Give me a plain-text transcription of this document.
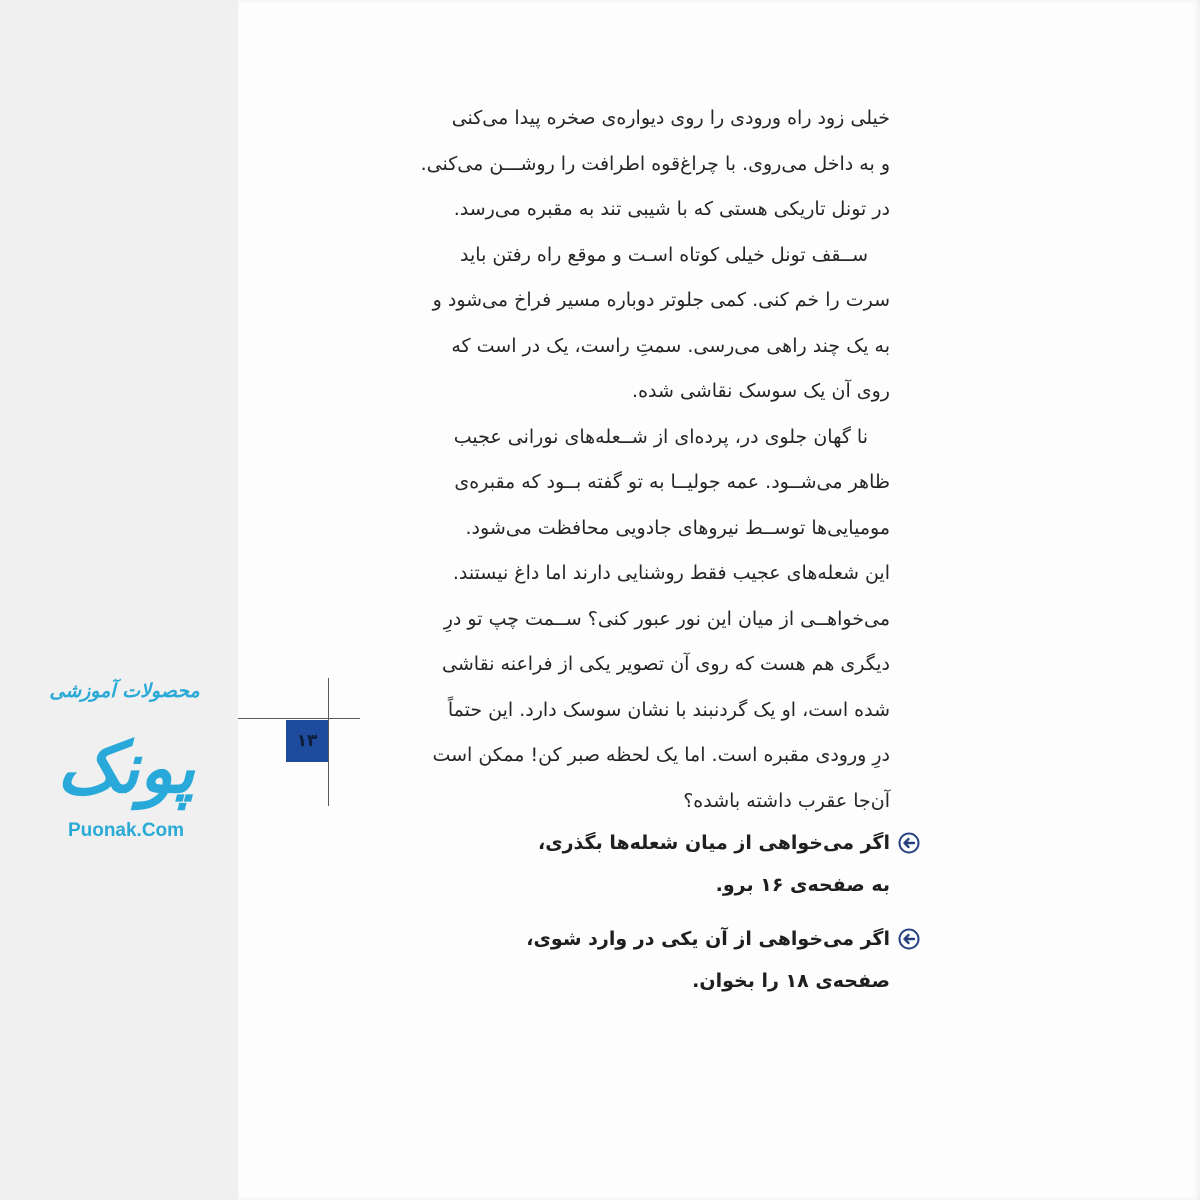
خیلی زود راه ورودی را روی دیواره‌ی صخره پیدا می‌کنی
و به داخل می‌روی. با چراغ‌قوه اطرافت را روشـــن می‌کنی.
در تونل تاریکی هستی که با شیبی تند به مقبره می‌رسد.

ســقف تونل خیلی کوتاه اسـت و موقع راه رفتن باید
سرت را خم کنی. کمی جلوتر دوباره مسیر فراخ می‌شود و
به یک چند راهی می‌رسی. سمتِ راست، یک در است که
روی آن یک سوسک نقاشی شده.

نا گهان جلوی در، پرده‌ای از شــعله‌های نورانی عجیب
ظاهر می‌شــود. عمه جولیــا به تو گفته بــود که مقبره‌ی
مومیایی‌ها توســط نیروهای جادویی محافظت می‌شود.
این شعله‌های عجیب فقط روشنایی دارند اما داغ نیستند.
می‌خواهــی از میان این نور عبور کنی؟ ســمت چپ تو درِ
دیگری هم هست که روی آن تصویر یکی از فراعنه نقاشی
شده است، او یک گردنبند با نشان سوسک دارد. این حتماً
درِ ورودی مقبره است. اما یک لحظه صبر کن! ممکن است
آن‌جا عقرب داشته باشده؟

اگر می‌خواهی از میان شعله‌ها بگذری،
به صفحه‌ی ۱۶ برو.
اگر می‌خواهی از آن یکی در وارد شوی،
صفحه‌ی ۱۸ را بخوان.
۱۳
محصولات آموزشی
پونک
Puonak.Com
